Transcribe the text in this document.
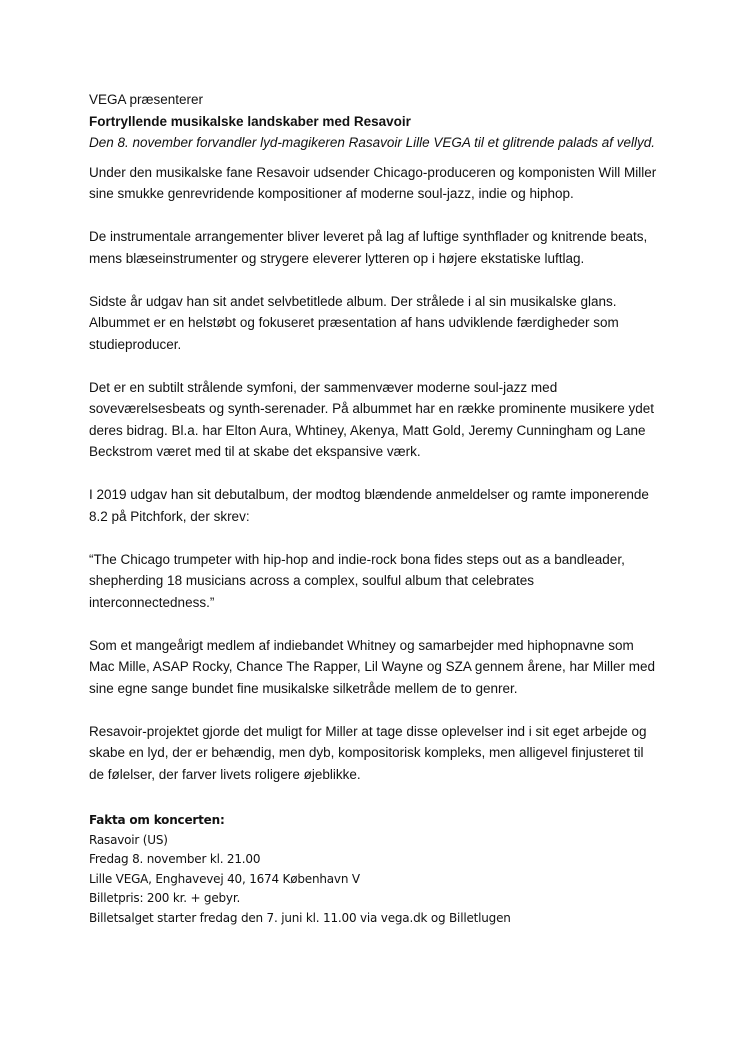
VEGA præsenterer

Fortryllende musikalske landskaber med Resavoir

Den 8. november forvandler lyd-magikeren Rasavoir Lille VEGA til et glitrende palads af vellyd.

Under den musikalske fane Resavoir udsender Chicago-produceren og komponisten Will Miller sine smukke genrevridende kompositioner af moderne soul-jazz, indie og hiphop.

De instrumentale arrangementer bliver leveret på lag af luftige synthflader og knitrende beats, mens blæseinstrumenter og strygere eleverer lytteren op i højere ekstatiske luftlag.

Sidste år udgav han sit andet selvbetitlede album. Der strålede i al sin musikalske glans. Albummet er en helstøbt og fokuseret præsentation af hans udviklende færdigheder som studieproducer.

Det er en subtilt strålende symfoni, der sammenvæver moderne soul-jazz med soveværelsesbeats og synth-serenader. På albummet har en række prominente musikere ydet deres bidrag. Bl.a. har Elton Aura, Whtiney, Akenya, Matt Gold, Jeremy Cunningham og Lane Beckstrom været med til at skabe det ekspansive værk.

I 2019 udgav han sit debutalbum, der modtog blændende anmeldelser og ramte imponerende 8.2 på Pitchfork, der skrev:

“The Chicago trumpeter with hip-hop and indie-rock bona fides steps out as a bandleader, shepherding 18 musicians across a complex, soulful album that celebrates interconnectedness.”

Som et mangeårigt medlem af indiebandet Whitney og samarbejder med hiphopnavne som Mac Mille, ASAP Rocky, Chance The Rapper, Lil Wayne og SZA gennem årene, har Miller med sine egne sange bundet fine musikalske silketråde mellem de to genrer.

Resavoir-projektet gjorde det muligt for Miller at tage disse oplevelser ind i sit eget arbejde og skabe en lyd, der er behændig, men dyb, kompositorisk kompleks, men alligevel finjusteret til de følelser, der farver livets roligere øjeblikke.

Fakta om koncerten:

Rasavoir (US)

Fredag 8. november kl. 21.00

Lille VEGA, Enghavevej 40, 1674 København V

Billetpris: 200 kr. + gebyr.

Billetsalget starter fredag den 7. juni kl. 11.00 via vega.dk og Billetlugen
